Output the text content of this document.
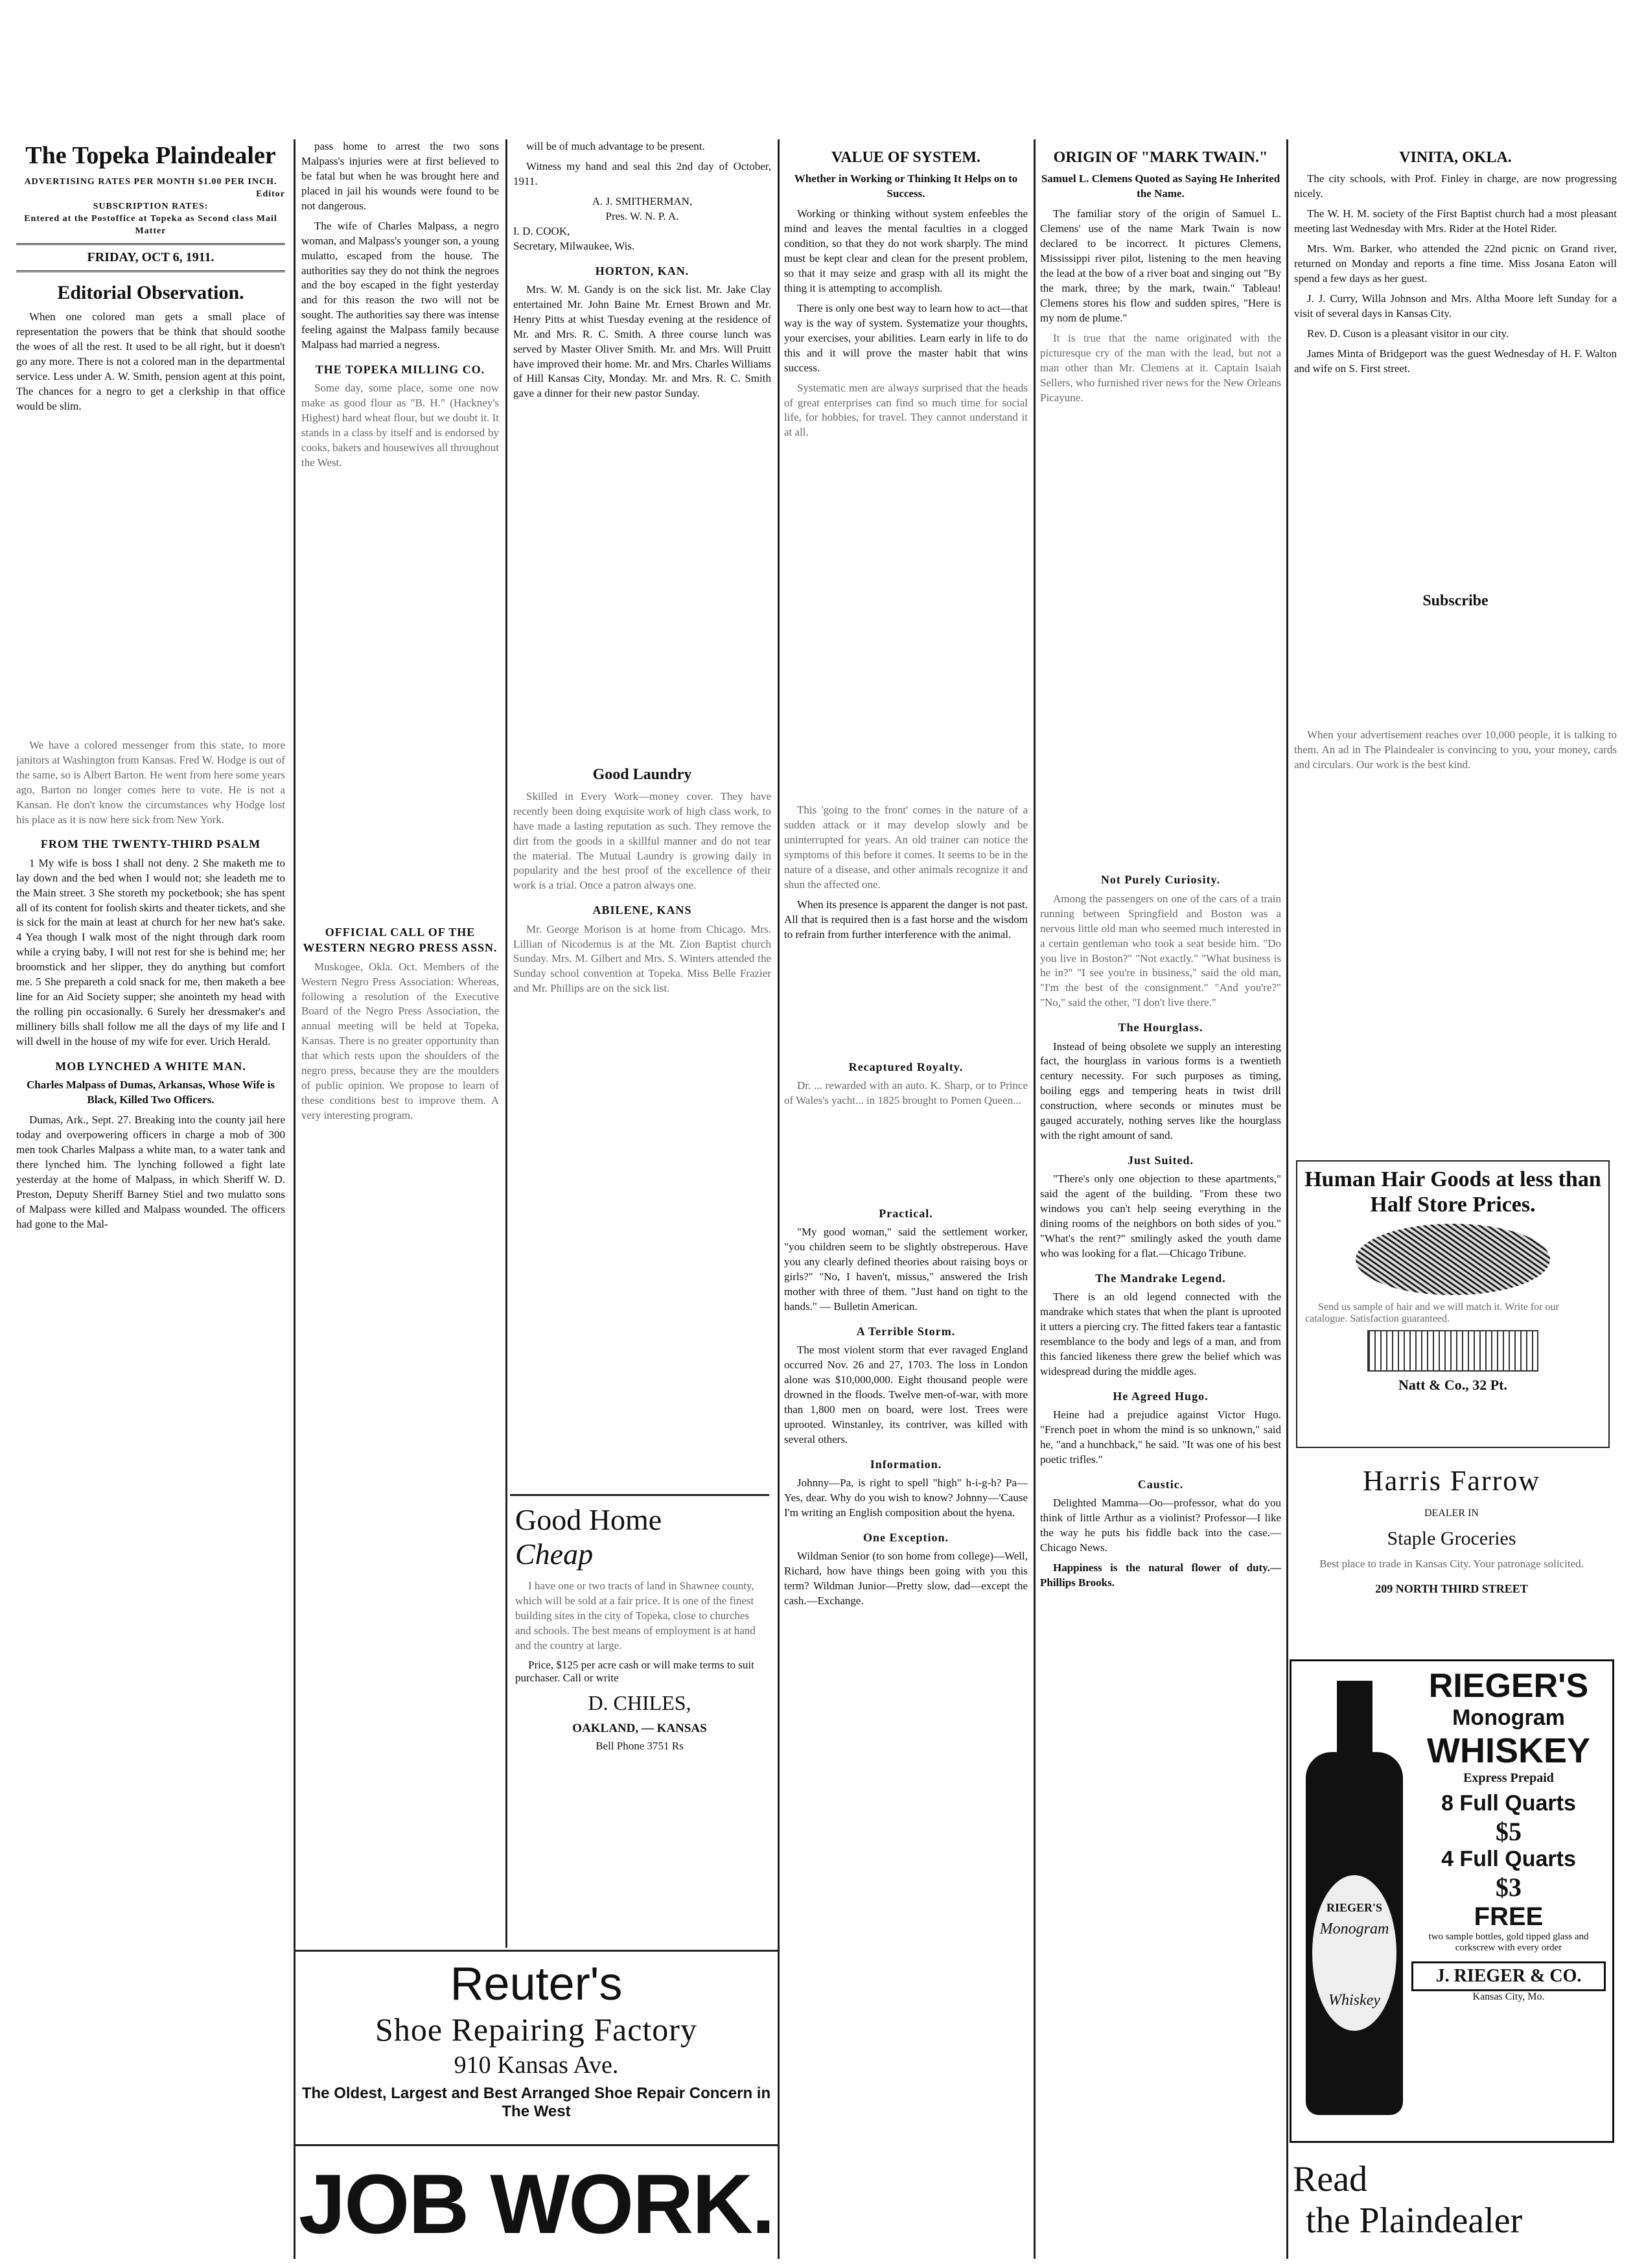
The Topeka Plaindealer
ADVERTISING RATES PER MONTH $1.00 PER INCH.
Editor
SUBSCRIPTION RATES:
Entered at the Postoffice at Topeka as Second class Mail Matter
FRIDAY, OCT 6, 1911.
Editorial Observation.

When one colored man gets a small place of representation the powers that be think that should soothe the woes of all the rest. It used to be all right, but it doesn't go any more. There is not a colored man in the departmental service. Less under A. W. Smith, pension agent at this point, The chances for a negro to get a clerkship in that office would be slim.

We have a colored messenger from this state, to more janitors at Washington from Kansas. Fred W. Hodge is out of the same, so is Albert Barton. He went from here some years ago, Barton no longer comes here to vote. He is not a Kansan. He don't know the circumstances why Hodge lost his place as it is now here sick from New York.

FROM THE TWENTY-THIRD PSALM

1 My wife is boss I shall not deny. 2 She maketh me to lay down and the bed when I would not; she leadeth me to the Main street. 3 She storeth my pocketbook; she has spent all of its content for foolish skirts and theater tickets, and she is sick for the main at least at church for her new hat's sake. 4 Yea though I walk most of the night through dark room while a crying baby, I will not rest for she is behind me; her broomstick and her slipper, they do anything but comfort me. 5 She prepareth a cold snack for me, then maketh a bee line for an Aid Society supper; she anointeth my head with the rolling pin occasionally. 6 Surely her dressmaker's and millinery bills shall follow me all the days of my life and I will dwell in the house of my wife for ever. Urich Herald.

MOB LYNCHED A WHITE MAN.
Charles Malpass of Dumas, Arkansas, Whose Wife is Black, Killed Two Officers.

Dumas, Ark., Sept. 27. Breaking into the county jail here today and overpowering officers in charge a mob of 300 men took Charles Malpass a white man, to a water tank and there lynched him. The lynching followed a fight late yesterday at the home of Malpass, in which Sheriff W. D. Preston, Deputy Sheriff Barney Stiel and two mulatto sons of Malpass were killed and Malpass wounded. The officers had gone to the Mal-

pass home to arrest the two sons Malpass's injuries were at first believed to be fatal but when he was brought here and placed in jail his wounds were found to be not dangerous.

The wife of Charles Malpass, a negro woman, and Malpass's younger son, a young mulatto, escaped from the house. The authorities say they do not think the negroes and the boy escaped in the fight yesterday and for this reason the two will not be sought. The authorities say there was intense feeling against the Malpass family because Malpass had married a negress.

THE TOPEKA MILLING CO.

Some day, some place, some one now make as good flour as "B. H." (Hackney's Highest) hard wheat flour, but we doubt it. It stands in a class by itself and is endorsed by cooks, bakers and housewives all throughout the West.

OFFICIAL CALL OF THE WESTERN NEGRO PRESS ASSN.

Muskogee, Okla. Oct. Members of the Western Negro Press Association: Whereas, following a resolution of the Executive Board of the Negro Press Association, the annual meeting will be held at Topeka, Kansas. There is no greater opportunity than that which rests upon the shoulders of the negro press, because they are the moulders of public opinion. We propose to learn of these conditions best to improve them. A very interesting program.

will be of much advantage to be present.

Witness my hand and seal this 2nd day of October, 1911.

A. J. SMITHERMAN,
Pres. W. N. P. A.
I. D. COOK,
Secretary, Milwaukee, Wis.
HORTON, KAN.

Mrs. W. M. Gandy is on the sick list. Mr. Jake Clay entertained Mr. John Baine Mr. Ernest Brown and Mr. Henry Pitts at whist Tuesday evening at the residence of Mr. and Mrs. R. C. Smith. A three course lunch was served by Master Oliver Smith. Mr. and Mrs. Will Pruitt have improved their home. Mr. and Mrs. Charles Williams of Hill Kansas City, Monday. Mr. and Mrs. R. C. Smith gave a dinner for their new pastor Sunday.

Good Laundry

Skilled in Every Work—money cover. They have recently been doing exquisite work of high class work, to have made a lasting reputation as such. They remove the dirt from the goods in a skillful manner and do not tear the material. The Mutual Laundry is growing daily in popularity and the best proof of the excellence of their work is a trial. Once a patron always one.

ABILENE, KANS

Mr. George Morison is at home from Chicago. Mrs. Lillian of Nicodemus is at the Mt. Zion Baptist church Sunday. Mrs. M. Gilbert and Mrs. S. Winters attended the Sunday school convention at Topeka. Miss Belle Frazier and Mr. Phillips are on the sick list.

Good Home
Cheap

I have one or two tracts of land in Shawnee county, which will be sold at a fair price. It is one of the finest building sites in the city of Topeka, close to churches and schools. The best means of employment is at hand and the country at large.

Price, $125 per acre cash or will make terms to suit purchaser. Call or write

D. CHILES,
OAKLAND, — KANSAS
Bell Phone 3751 Rs
VALUE OF SYSTEM.
Whether in Working or Thinking It Helps on to Success.

Working or thinking without system enfeebles the mind and leaves the mental faculties in a clogged condition, so that they do not work sharply. The mind must be kept clear and clean for the present problem, so that it may seize and grasp with all its might the thing it is attempting to accomplish.

There is only one best way to learn how to act—that way is the way of system. Systematize your thoughts, your exercises, your abilities. Learn early in life to do this and it will prove the master habit that wins success.

Systematic men are always surprised that the heads of great enterprises can find so much time for social life, for hobbies, for travel. They cannot understand it at all.

This 'going to the front' comes in the nature of a sudden attack or it may develop slowly and be uninterrupted for years. An old trainer can notice the symptoms of this before it comes. It seems to be in the nature of a disease, and other animals recognize it and shun the affected one.

When its presence is apparent the danger is not past. All that is required then is a fast horse and the wisdom to refrain from further interference with the animal.

Recaptured Royalty.

Dr. ... rewarded with an auto. K. Sharp, or to Prince of Wales's yacht... in 1825 brought to Pomen Queen...

Practical.

"My good woman," said the settlement worker, "you children seem to be slightly obstreperous. Have you any clearly defined theories about raising boys or girls?" "No, I haven't, missus," answered the Irish mother with three of them. "Just hand on tight to the hands." — Bulletin American.

A Terrible Storm.

The most violent storm that ever ravaged England occurred Nov. 26 and 27, 1703. The loss in London alone was $10,000,000. Eight thousand people were drowned in the floods. Twelve men-of-war, with more than 1,800 men on board, were lost. Trees were uprooted. Winstanley, its contriver, was killed with several others.

Information.

Johnny—Pa, is right to spell "high" h-i-g-h? Pa—Yes, dear. Why do you wish to know? Johnny—'Cause I'm writing an English composition about the hyena.

One Exception.

Wildman Senior (to son home from college)—Well, Richard, how have things been going with you this term? Wildman Junior—Pretty slow, dad—except the cash.—Exchange.

ORIGIN OF "MARK TWAIN."
Samuel L. Clemens Quoted as Saying He Inherited the Name.

The familiar story of the origin of Samuel L. Clemens' use of the name Mark Twain is now declared to be incorrect. It pictures Clemens, Mississippi river pilot, listening to the men heaving the lead at the bow of a river boat and singing out "By the mark, three; by the mark, twain." Tableau! Clemens stores his flow and sudden spires, "Here is my nom de plume."

It is true that the name originated with the picturesque cry of the man with the lead, but not a man other than Mr. Clemens at it. Captain Isaiah Sellers, who furnished river news for the New Orleans Picayune.

Not Purely Curiosity.

Among the passengers on one of the cars of a train running between Springfield and Boston was a nervous little old man who seemed much interested in a certain gentleman who took a seat beside him. "Do you live in Boston?" "Not exactly." "What business is he in?" "I see you're in business," said the old man, "I'm the best of the consignment." "And you're?" "No," said the other, "I don't live there."

The Hourglass.

Instead of being obsolete we supply an interesting fact, the hourglass in various forms is a twentieth century necessity. For such purposes as timing, boiling eggs and tempering heats in twist drill construction, where seconds or minutes must be gauged accurately, nothing serves like the hourglass with the right amount of sand.

Just Suited.

"There's only one objection to these apartments," said the agent of the building. "From these two windows you can't help seeing everything in the dining rooms of the neighbors on both sides of you." "What's the rent?" smilingly asked the youth dame who was looking for a flat.—Chicago Tribune.

The Mandrake Legend.

There is an old legend connected with the mandrake which states that when the plant is uprooted it utters a piercing cry. The fitted fakers tear a fantastic resemblance to the body and legs of a man, and from this fancied likeness there grew the belief which was widespread during the middle ages.

He Agreed Hugo.

Heine had a prejudice against Victor Hugo. "French poet in whom the mind is so unknown," said he, "and a hunchback," he said. "It was one of his best poetic trifles."

Caustic.

Delighted Mamma—Oo—professor, what do you think of little Arthur as a violinist? Professor—I like the way he puts his fiddle back into the case.—Chicago News.

Happiness is the natural flower of duty.—Phillips Brooks.

VINITA, OKLA.

The city schools, with Prof. Finley in charge, are now progressing nicely.

The W. H. M. society of the First Baptist church had a most pleasant meeting last Wednesday with Mrs. Rider at the Hotel Rider.

Mrs. Wm. Barker, who attended the 22nd picnic on Grand river, returned on Monday and reports a fine time. Miss Josana Eaton will spend a few days as her guest.

J. J. Curry, Willa Johnson and Mrs. Altha Moore left Sunday for a visit of several days in Kansas City.

Rev. D. Cuson is a pleasant visitor in our city.

James Minta of Bridgeport was the guest Wednesday of H. F. Walton and wife on S. First street.

Subscribe

When your advertisement reaches over 10,000 people, it is talking to them. An ad in The Plaindealer is convincing to you, your money, cards and circulars. Our work is the best kind.

Human Hair Goods at less than Half Store Prices.

Send us sample of hair and we will match it. Write for our catalogue. Satisfaction guaranteed.

Natt & Co., 32 Pt.
Harris Farrow
DEALER IN
Staple Groceries
Best place to trade in Kansas City. Your patronage solicited.
209 NORTH THIRD STREET
RIEGER'S
Monogram
Whiskey
RIEGER'S
Monogram
WHISKEY
Express Prepaid
8 Full Quarts
$5
4 Full Quarts
$3
FREE
two sample bottles, gold tipped glass and corkscrew with every order
J. RIEGER & CO.
Kansas City, Mo.
Read
the Plaindealer
Reuter's
Shoe Repairing Factory
910 Kansas Ave.
The Oldest, Largest and Best Arranged Shoe Repair Concern in The West
JOB WORK.
